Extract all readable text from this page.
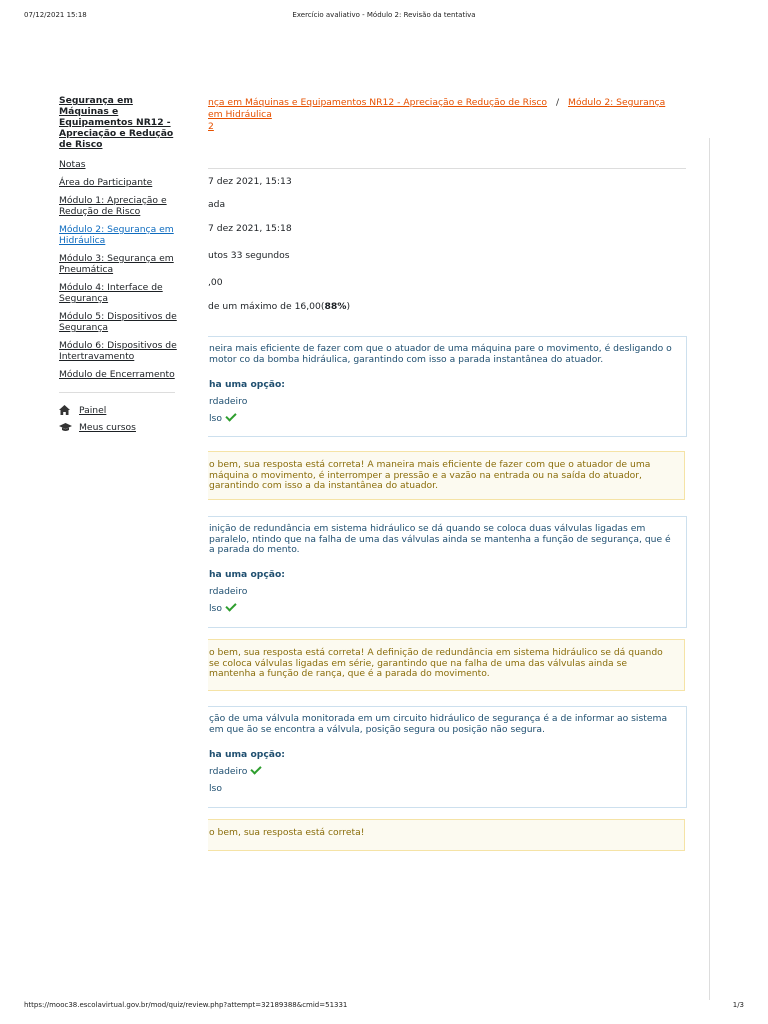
07/12/2021 15:18	Exercício avaliativo - Módulo 2: Revisão da tentativa
Segurança em Máquinas e Equipamentos NR12 - Apreciação e Redução de Risco
Notas
Área do Participante
Módulo 1: Apreciação e Redução de Risco
Módulo 2: Segurança em Hidráulica
Módulo 3: Segurança em Pneumática
Módulo 4: Interface de Segurança
Módulo 5: Dispositivos de Segurança
Módulo 6: Dispositivos de Intertravamento
Módulo de Encerramento
Painel
Meus cursos
nça em Máquinas e Equipamentos NR12 - Apreciação e Redução de Risco / Módulo 2: Segurança em Hidráulica
2
7 dez 2021, 15:13
ada
7 dez 2021, 15:18
utos 33 segundos
,00
de um máximo de 16,00(88%)
neira mais eficiente de fazer com que o atuador de uma máquina pare o movimento, é desligando o motor co da bomba hidráulica, garantindo com isso a parada instantânea do atuador.
ha uma opção:
rdadeiro
lso
o bem, sua resposta está correta! A maneira mais eficiente de fazer com que o atuador de uma máquina o movimento, é interromper a pressão e a vazão na entrada ou na saída do atuador, garantindo com isso a da instantânea do atuador.
inição de redundância em sistema hidráulico se dá quando se coloca duas válvulas ligadas em paralelo, ntindo que na falha de uma das válvulas ainda se mantenha a função de segurança, que é a parada do mento.
ha uma opção:
rdadeiro
lso
o bem, sua resposta está correta! A definição de redundância em sistema hidráulico se dá quando se coloca válvulas ligadas em série, garantindo que na falha de uma das válvulas ainda se mantenha a função de rança, que é a parada do movimento.
ção de uma válvula monitorada em um circuito hidráulico de segurança é a de informar ao sistema em que ão se encontra a válvula, posição segura ou posição não segura.
ha uma opção:
rdadeiro
lso
o bem, sua resposta está correta!
https://mooc38.escolavirtual.gov.br/mod/quiz/review.php?attempt=32189388&cmid=51331	1/3
